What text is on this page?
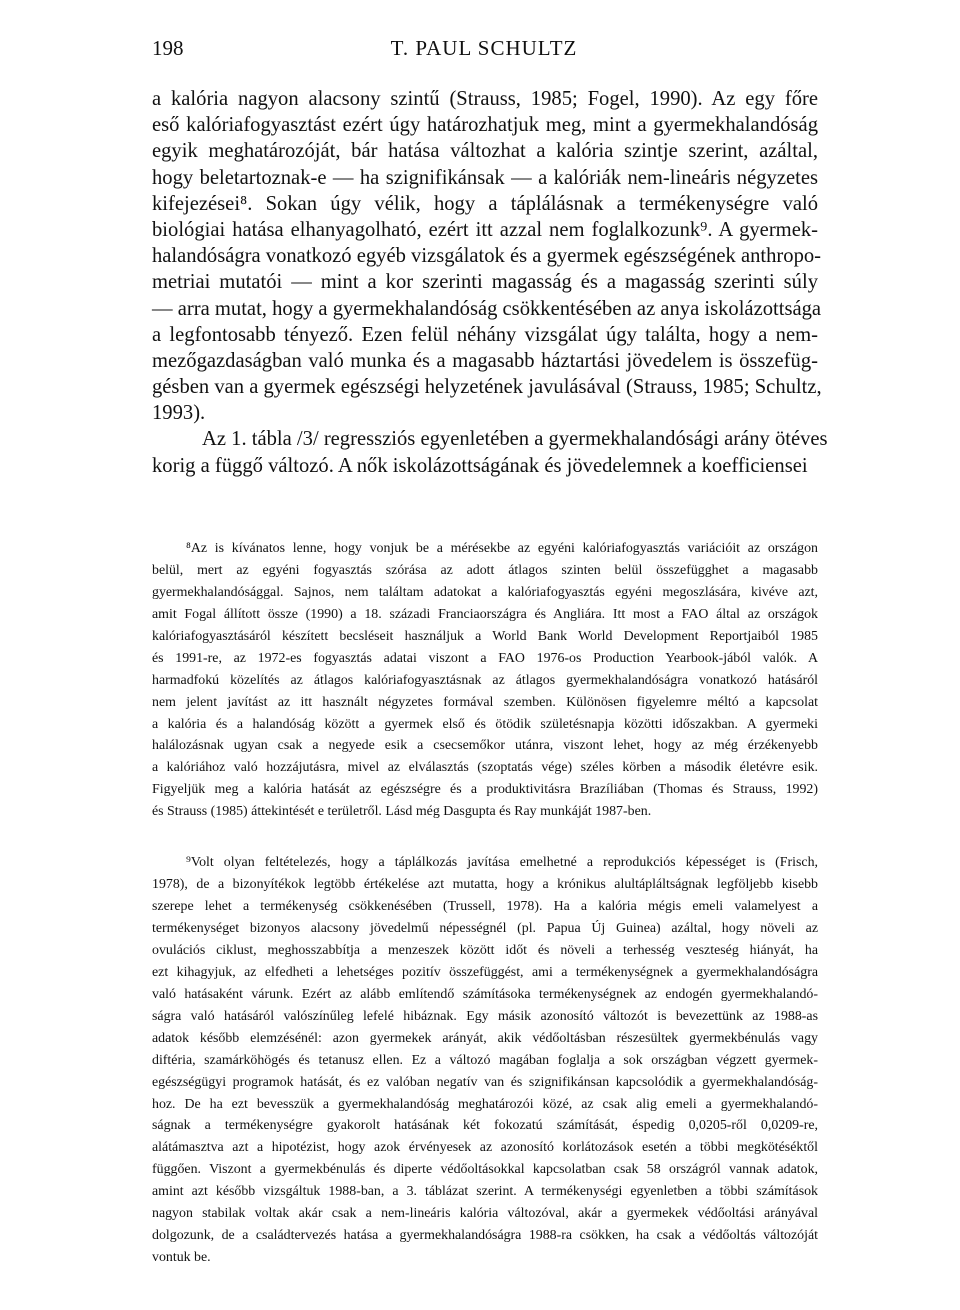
198	T. PAUL SCHULTZ
a kalória nagyon alacsony szintű (Strauss, 1985; Fogel, 1990). Az egy főre
eső kalóriafogyasztást ezért úgy határozhatjuk meg, mint a gyermekhalandóság
egyik meghatározóját, bár hatása változhat a kalória szintje szerint, azáltal,
hogy beletartoznak-e — ha szignifikánsak — a kalóriák nem-lineáris négyzetes
kifejezései⁸. Sokan úgy vélik, hogy a táplálásnak a termékenységre való
biológiai hatása elhanyagolható, ezért itt azzal nem foglalkozunk⁹. A gyermek-
halandóságra vonatkozó egyéb vizsgálatok és a gyermek egészségének anthropo-
metriai mutatói — mint a kor szerinti magasság és a magasság szerinti súly
— arra mutat, hogy a gyermekhalandóság csökkentésében az anya iskolázottsága
a legfontosabb tényező. Ezen felül néhány vizsgálat úgy találta, hogy a nem-
mezőgazdaságban való munka és a magasabb háztartási jövedelem is összefüg-
gésben van a gyermek egészségi helyzetének javulásával (Strauss, 1985; Schultz,
1993).
Az 1. tábla /3/ regressziós egyenletében a gyermekhalandósági arány ötéves
korig a függő változó. A nők iskolázottságának és jövedelemnek a koefficiensei
⁸Az is kívánatos lenne, hogy vonjuk be a mérésekbe az egyéni kalóriafogyasztás variációit az országon
belül, mert az egyéni fogyasztás szórása az adott átlagos szinten belül összefügghet a magasabb
gyermekhalandósággal. Sajnos, nem találtam adatokat a kalóriafogyasztás egyéni megoszlására, kivéve azt,
amit Fogal állított össze (1990) a 18. századi Franciaországra és Angliára. Itt most a FAO által az országok
kalóriafogyasztásáról készített becsléseit használjuk a World Bank World Development Reportjaiból 1985
és 1991-re, az 1972-es fogyasztás adatai viszont a FAO 1976-os Production Yearbook-jából valók. A
harmadfokú közelítés az átlagos kalóriafogyasztásnak az átlagos gyermekhalandóságra vonatkozó hatásáról
nem jelent javítást az itt használt négyzetes formával szemben. Különösen figyelemre méltó a kapcsolat
a kalória és a halandóság között a gyermek első és ötödik születésnapja közötti időszakban. A gyermeki
halálozásnak ugyan csak a negyede esik a csecsemőkor utánra, viszont lehet, hogy az még érzékenyebb
a kalóriához való hozzájutásra, mivel az elválasztás (szoptatás vége) széles körben a második életévre esik.
Figyeljük meg a kalória hatását az egészségre és a produktivitásra Brazíliában (Thomas és Strauss, 1992)
és Strauss (1985) áttekintését e területről. Lásd még Dasgupta és Ray munkáját 1987-ben.
⁹Volt olyan feltételezés, hogy a táplálkozás javítása emelhetné a reprodukciós képességet is (Frisch,
1978), de a bizonyítékok legtöbb értékelése azt mutatta, hogy a krónikus alultápláltságnak legföljebb kisebb
szerepe lehet a termékenység csökkenésében (Trussell, 1978). Ha a kalória mégis emeli valamelyest a
termékenységet bizonyos alacsony jövedelmű népességnél (pl. Papua Új Guinea) azáltal, hogy növeli az
ovulációs ciklust, meghosszabbítja a menzeszek között időt és növeli a terhesség veszteség hiányát, ha
ezt kihagyjuk, az elfedheti a lehetséges pozitív összefüggést, ami a termékenységnek a gyermekhalandóságra
való hatásaként várunk. Ezért az alább említendő számításoka termékenységnek az endogén gyermekhalandó-
ságra való hatásáról valószínűleg lefelé hibáznak. Egy másik azonosító változót is bevezettünk az 1988-as
adatok később elemzésénél: azon gyermekek arányát, akik védőoltásban részesültek gyermekbénulás vagy
diftéria, szamárköhögés és tetanusz ellen. Ez a változó magában foglalja a sok országban végzett gyermek-
egészségügyi programok hatását, és ez valóban negatív van és szignifikánsan kapcsolódik a gyermekhalandóság-
hoz. De ha ezt bevesszük a gyermekhalandóság meghatározói közé, az csak alig emeli a gyermekhalandó-
ságnak a termékenységre gyakorolt hatásának két fokozatú számítását, éspedig 0,0205-ről 0,0209-re,
alátámasztva azt a hipotézist, hogy azok érvényesek az azonosító korlátozások esetén a többi megkötéséktől
függően. Viszont a gyermekbénulás és diperte védőoltásokkal kapcsolatban csak 58 országról vannak adatok,
amint azt később vizsgáltuk 1988-ban, a 3. táblázat szerint. A termékenységi egyenletben a többi számítások
nagyon stabilak voltak akár csak a nem-lineáris kalória változóval, akár a gyermekek védőoltási arányával
dolgozunk, de a családtervezés hatása a gyermekhalandóságra 1988-ra csökken, ha csak a védőoltás változóját
vontuk be.
